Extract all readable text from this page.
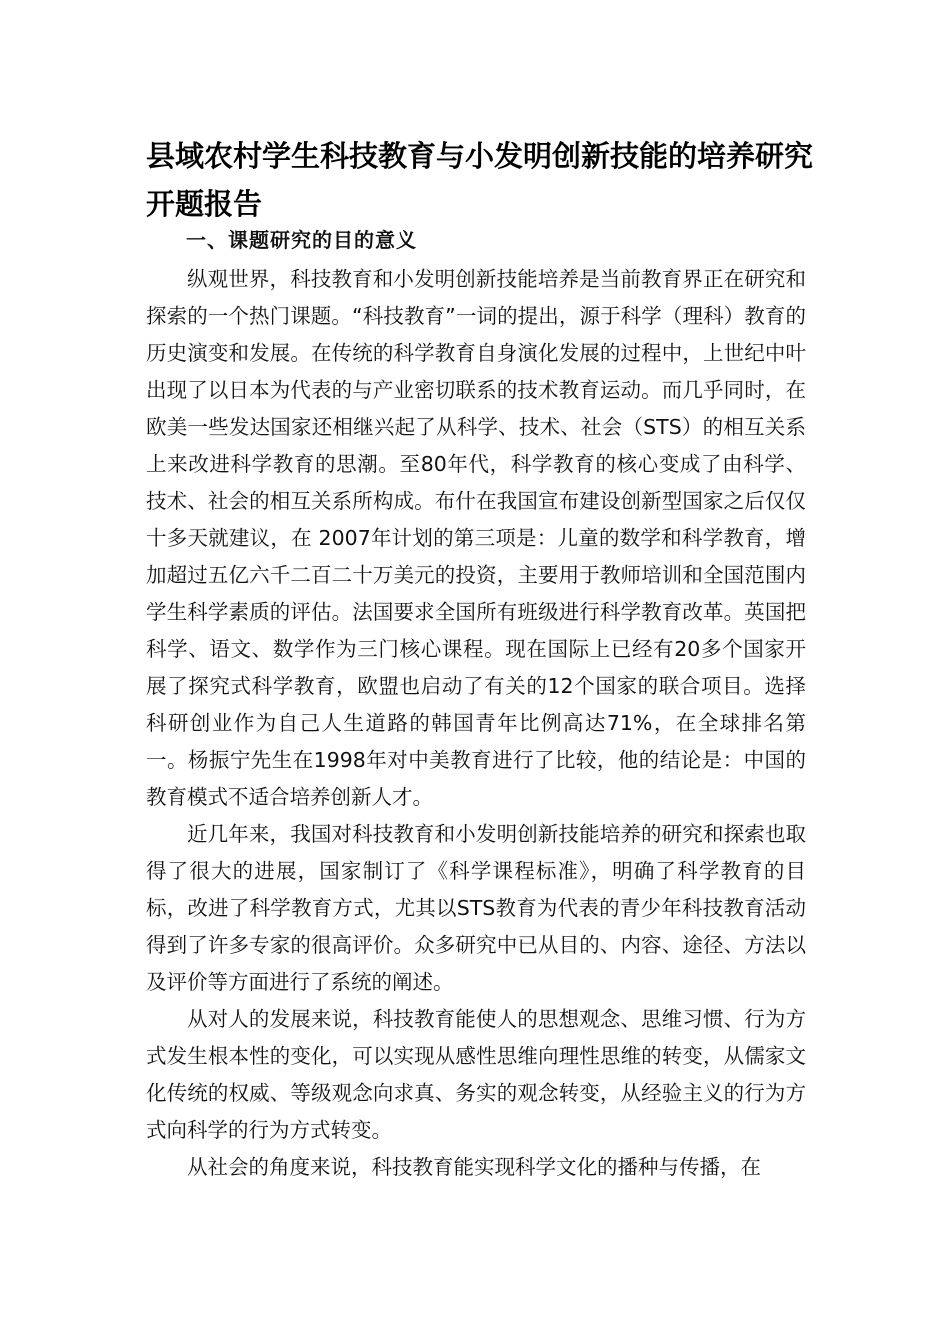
县域农村学生科技教育与小发明创新技能的培养研究
开题报告
一、课题研究的目的意义

纵观世界，科技教育和小发明创新技能培养是当前教育界正在研究和探索的一个热门课题。“科技教育”一词的提出，源于科学（理科）教育的历史演变和发展。在传统的科学教育自身演化发展的过程中，上世纪中叶出现了以日本为代表的与产业密切联系的技术教育运动。而几乎同时，在欧美一些发达国家还相继兴起了从科学、技术、社会（STS）的相互关系上来改进科学教育的思潮。至80年代，科学教育的核心变成了由科学、技术、社会的相互关系所构成。布什在我国宣布建设创新型国家之后仅仅十多天就建议，在 2007年计划的第三项是：儿童的数学和科学教育，增加超过五亿六千二百二十万美元的投资，主要用于教师培训和全国范围内学生科学素质的评估。法国要求全国所有班级进行科学教育改革。英国把科学、语文、数学作为三门核心课程。现在国际上已经有20多个国家开展了探究式科学教育，欧盟也启动了有关的12个国家的联合项目。选择科研创业作为自己人生道路的韩国青年比例高达71%，在全球排名第一。杨振宁先生在1998年对中美教育进行了比较，他的结论是：中国的教育模式不适合培养创新人才。

近几年来，我国对科技教育和小发明创新技能培养的研究和探索也取得了很大的进展，国家制订了《科学课程标准》，明确了科学教育的目标，改进了科学教育方式，尤其以STS教育为代表的青少年科技教育活动得到了许多专家的很高评价。众多研究中已从目的、内容、途径、方法以及评价等方面进行了系统的阐述。

从对人的发展来说，科技教育能使人的思想观念、思维习惯、行为方式发生根本性的变化，可以实现从感性思维向理性思维的转变，从儒家文化传统的权威、等级观念向求真、务实的观念转变，从经验主义的行为方式向科学的行为方式转变。

从社会的角度来说，科技教育能实现科学文化的播种与传播，在
